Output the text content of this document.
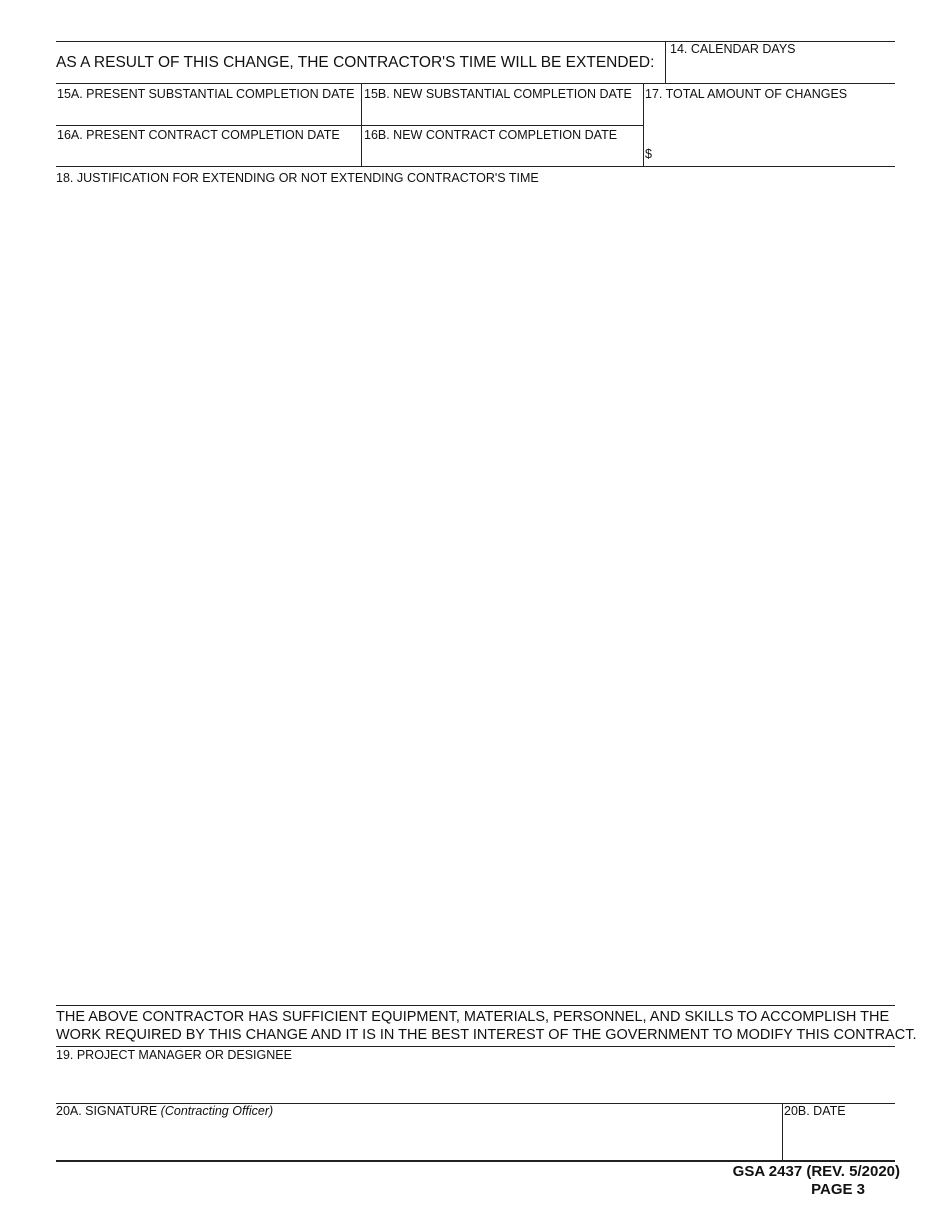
AS A RESULT OF THIS CHANGE, THE CONTRACTOR'S TIME WILL BE EXTENDED:
14. CALENDAR DAYS
15A. PRESENT SUBSTANTIAL COMPLETION DATE 15B. NEW SUBSTANTIAL COMPLETION DATE
16A. PRESENT CONTRACT COMPLETION DATE 16B. NEW CONTRACT COMPLETION DATE
17. TOTAL AMOUNT OF CHANGES
$
18. JUSTIFICATION FOR EXTENDING OR NOT EXTENDING CONTRACTOR'S TIME
THE ABOVE CONTRACTOR HAS SUFFICIENT EQUIPMENT, MATERIALS, PERSONNEL, AND SKILLS TO ACCOMPLISH THE
WORK REQUIRED BY THIS CHANGE AND IT IS IN THE BEST INTEREST OF THE GOVERNMENT TO MODIFY THIS CONTRACT.
19. PROJECT MANAGER OR DESIGNEE
20A. SIGNATURE (Contracting Officer)	20B. DATE
GSA 2437 (REV. 5/2020)
PAGE 3
